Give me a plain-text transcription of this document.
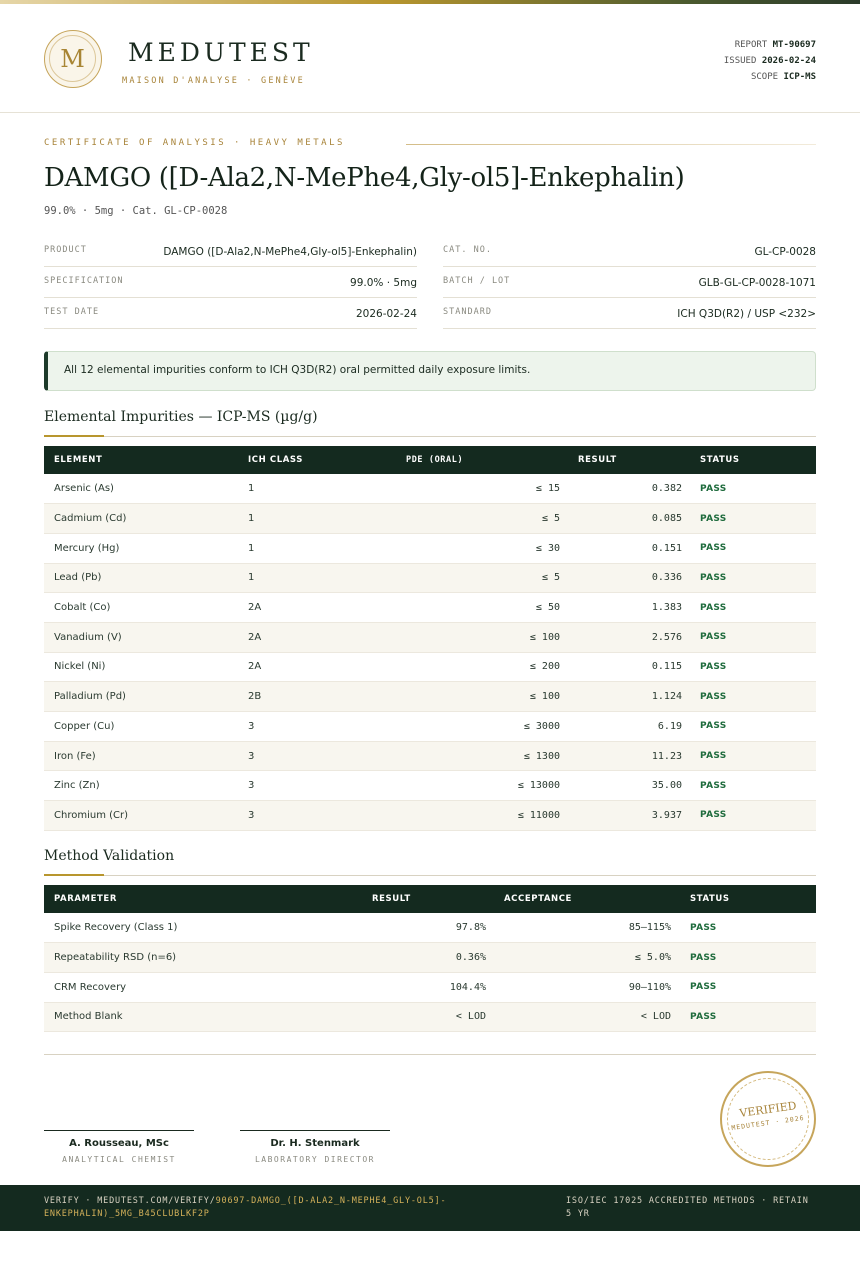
M	MEDUTEST
MAISON D'ANALYSE · GENÈVE
REPORT MT-90697
ISSUED 2026-02-24
SCOPE ICP-MS
CERTIFICATE OF ANALYSIS · HEAVY METALS
DAMGO ([D-Ala2,N-MePhe4,Gly-ol5]-Enkephalin)
99.0% · 5mg · Cat. GL-CP-0028
PRODUCT	DAMGO ([D-Ala2,N-MePhe4,Gly-ol5]-Enkephalin)
SPECIFICATION	99.0% · 5mg
TEST DATE	2026-02-24
CAT. NO.	GL-CP-0028
BATCH / LOT	GLB-GL-CP-0028-1071
STANDARD	ICH Q3D(R2) / USP <232>
All 12 elemental impurities conform to ICH Q3D(R2) oral permitted daily exposure limits.
Elemental Impurities — ICP-MS (µg/g)
ELEMENT	ICH CLASS	PDE (ORAL)	RESULT	STATUS
Arsenic (As)	1	≤ 15	0.382	PASS
Cadmium (Cd)	1	≤ 5	0.085	PASS
Mercury (Hg)	1	≤ 30	0.151	PASS
Lead (Pb)	1	≤ 5	0.336	PASS
Cobalt (Co)	2A	≤ 50	1.383	PASS
Vanadium (V)	2A	≤ 100	2.576	PASS
Nickel (Ni)	2A	≤ 200	0.115	PASS
Palladium (Pd)	2B	≤ 100	1.124	PASS
Copper (Cu)	3	≤ 3000	6.19	PASS
Iron (Fe)	3	≤ 1300	11.23	PASS
Zinc (Zn)	3	≤ 13000	35.00	PASS
Chromium (Cr)	3	≤ 11000	3.937	PASS
Method Validation
PARAMETER	RESULT	ACCEPTANCE	STATUS
Spike Recovery (Class 1)	97.8%	85–115%	PASS
Repeatability RSD (n=6)	0.36%	≤ 5.0%	PASS
CRM Recovery	104.4%	90–110%	PASS
Method Blank	< LOD	< LOD	PASS
A. Rousseau, MSc
ANALYTICAL CHEMIST
Dr. H. Stenmark
LABORATORY DIRECTOR
VERIFIED
MEDUTEST · 2026
VERIFY · MEDUTEST.COM/VERIFY/90697-DAMGO_([D-ALA2_N-MEPHE4_GLY-OL5]-ENKEPHALIN)_5MG_B45CLUBLKF2P
ISO/IEC 17025 ACCREDITED METHODS · RETAIN 5 YR
